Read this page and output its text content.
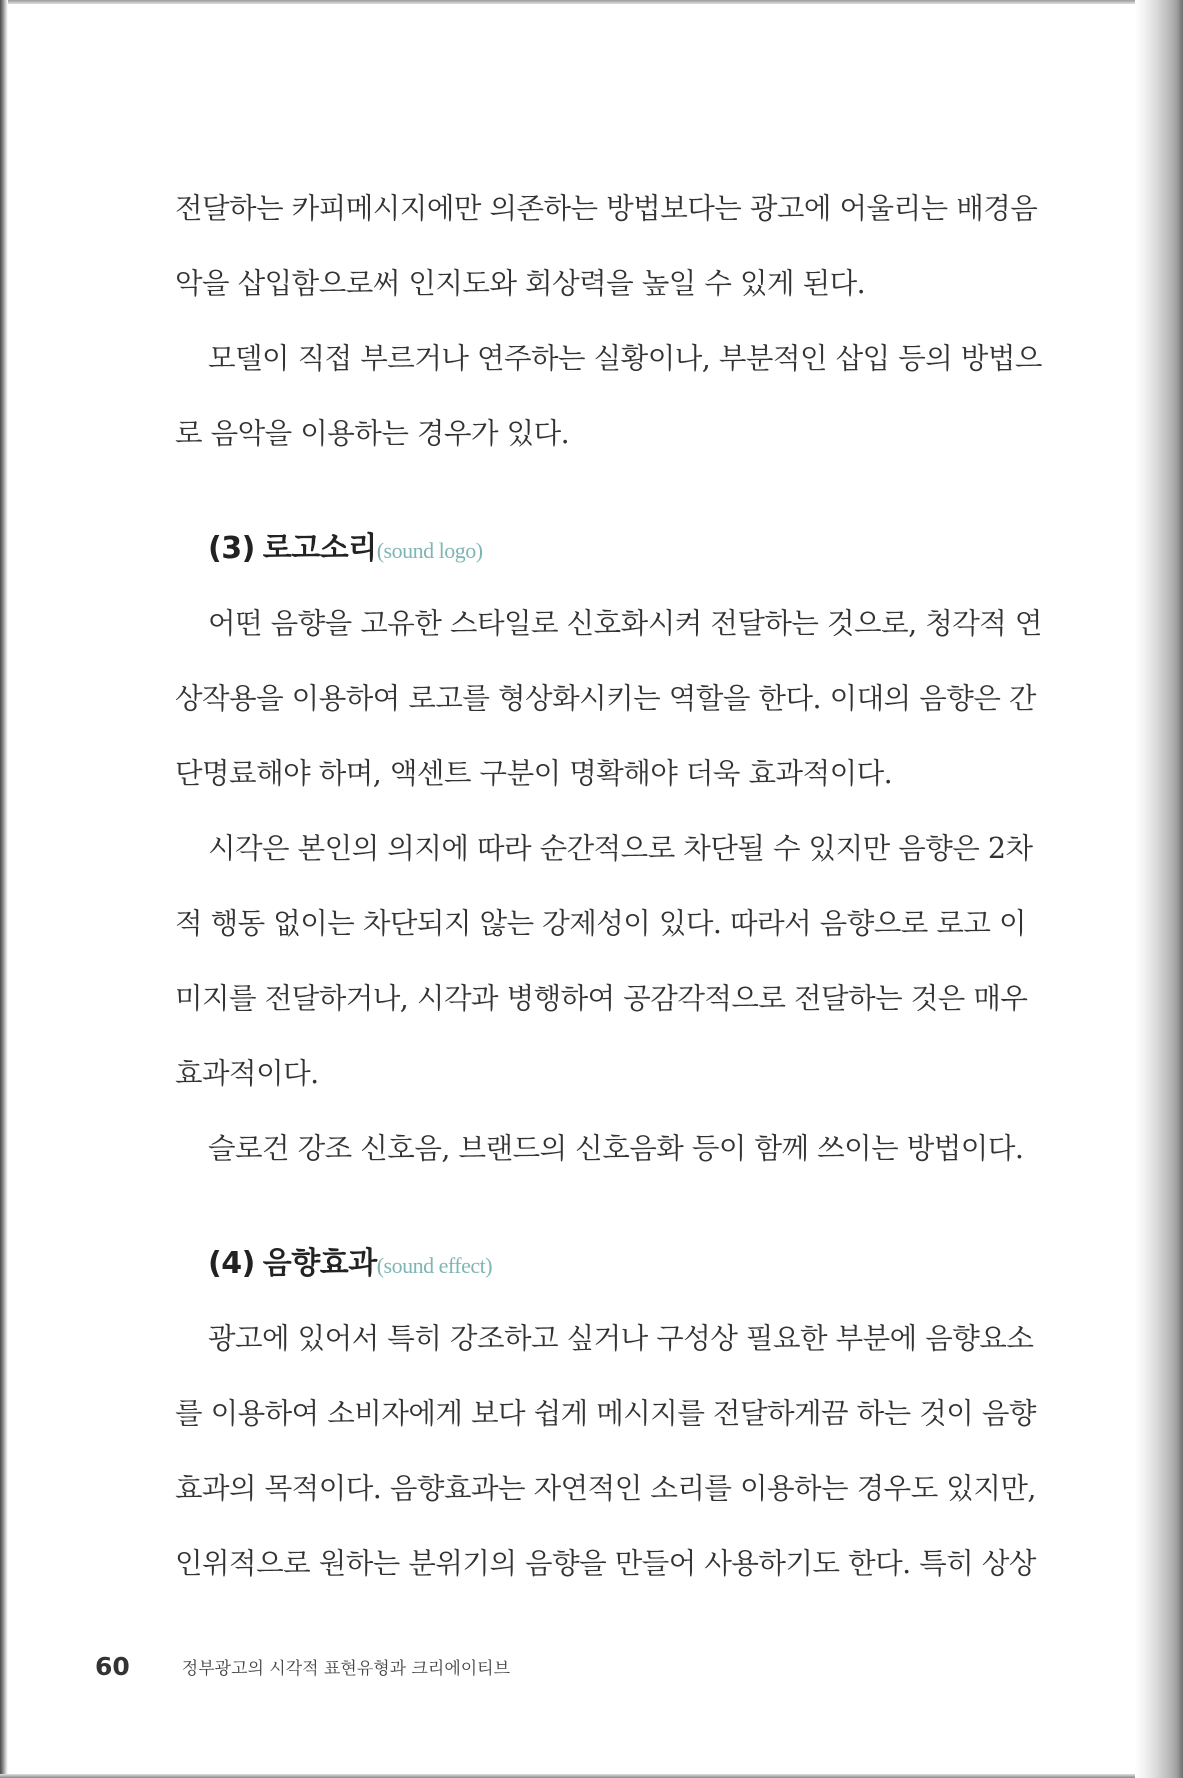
전달하는 카피메시지에만 의존하는 방법보다는 광고에 어울리는 배경음
악을 삽입함으로써 인지도와 회상력을 높일 수 있게 된다.
모델이 직접 부르거나 연주하는 실황이나, 부분적인 삽입 등의 방법으
로 음악을 이용하는 경우가 있다.
(3) 로고소리(sound logo)
어떤 음향을 고유한 스타일로 신호화시켜 전달하는 것으로, 청각적 연
상작용을 이용하여 로고를 형상화시키는 역할을 한다. 이대의 음향은 간
단명료해야 하며, 액센트 구분이 명확해야 더욱 효과적이다.
시각은 본인의 의지에 따라 순간적으로 차단될 수 있지만 음향은 2차
적 행동 없이는 차단되지 않는 강제성이 있다. 따라서 음향으로 로고 이
미지를 전달하거나, 시각과 병행하여 공감각적으로 전달하는 것은 매우
효과적이다.
슬로건 강조 신호음, 브랜드의 신호음화 등이 함께 쓰이는 방법이다.
(4) 음향효과(sound effect)
광고에 있어서 특히 강조하고 싶거나 구성상 필요한 부분에 음향요소
를 이용하여 소비자에게 보다 쉽게 메시지를 전달하게끔 하는 것이 음향
효과의 목적이다. 음향효과는 자연적인 소리를 이용하는 경우도 있지만,
인위적으로 원하는 분위기의 음향을 만들어 사용하기도 한다. 특히 상상
60	정부광고의 시각적 표현유형과 크리에이티브
